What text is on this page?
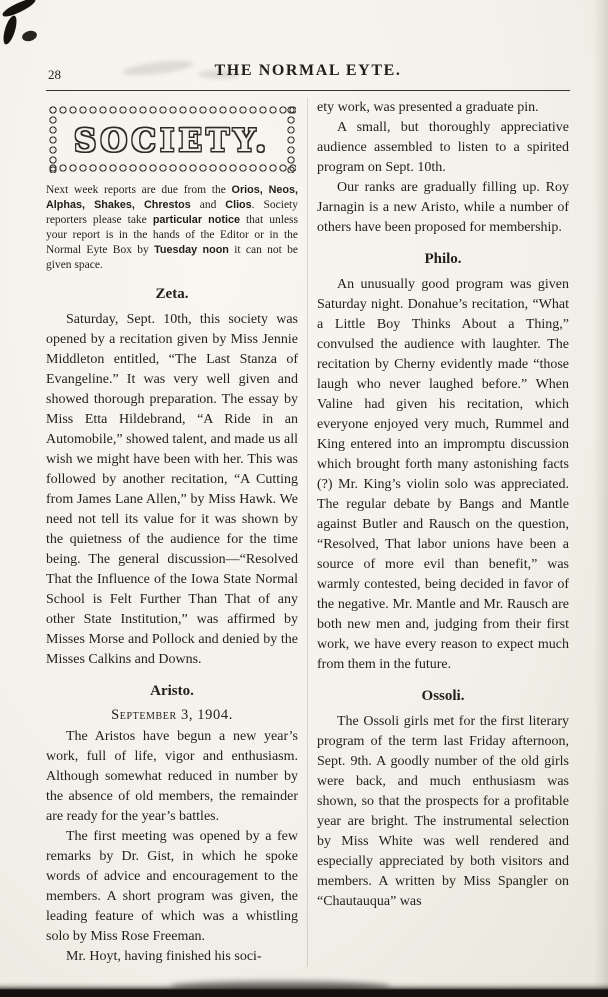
28	THE NORMAL EYTE.
SOCIETY.

Next week reports are due from the Orios, Neos, Alphas, Shakes, Chrestos and Clios. Society reporters please take particular notice that unless your report is in the hands of the Editor or in the Normal Eyte Box by Tuesday noon it can not be given space.

Zeta.

Saturday, Sept. 10th, this society was opened by a recitation given by Miss Jennie Middleton entitled, “The Last Stanza of Evangeline.” It was very well given and showed thorough preparation. The essay by Miss Etta Hildebrand, “A Ride in an Automobile,” showed talent, and made us all wish we might have been with her. This was followed by another recitation, “A Cutting from James Lane Allen,” by Miss Hawk. We need not tell its value for it was shown by the quietness of the audience for the time being. The general discussion—“Resolved That the Influence of the Iowa State Normal School is Felt Further Than That of any other State Institution,” was affirmed by Misses Morse and Pollock and denied by the Misses Calkins and Downs.

Aristo.
September 3, 1904.

The Aristos have begun a new year’s work, full of life, vigor and enthusiasm. Although somewhat reduced in number by the absence of old members, the remainder are ready for the year’s battles.

The first meeting was opened by a few remarks by Dr. Gist, in which he spoke words of advice and encouragement to the members. A short program was given, the leading feature of which was a whistling solo by Miss Rose Freeman.

Mr. Hoyt, having finished his soci-

ety work, was presented a graduate pin.

A small, but thoroughly appreciative audience assembled to listen to a spirited program on Sept. 10th.

Our ranks are gradually filling up. Roy Jarnagin is a new Aristo, while a number of others have been proposed for membership.

Philo.

An unusually good program was given Saturday night. Donahue’s recitation, “What a Little Boy Thinks About a Thing,” convulsed the audience with laughter. The recitation by Cherny evidently made “those laugh who never laughed before.” When Valine had given his recitation, which everyone enjoyed very much, Rummel and King entered into an impromptu discussion which brought forth many astonishing facts (?) Mr. King’s violin solo was appreciated. The regular debate by Bangs and Mantle against Butler and Rausch on the question, “Resolved, That labor unions have been a source of more evil than benefit,” was warmly contested, being decided in favor of the negative. Mr. Mantle and Mr. Rausch are both new men and, judging from their first work, we have every reason to expect much from them in the future.

Ossoli.

The Ossoli girls met for the first literary program of the term last Friday afternoon, Sept. 9th. A goodly number of the old girls were back, and much enthusiasm was shown, so that the prospects for a profitable year are bright. The instrumental selection by Miss White was well rendered and especially appreciated by both visitors and members. A written by Miss Spangler on “Chautauqua” was
